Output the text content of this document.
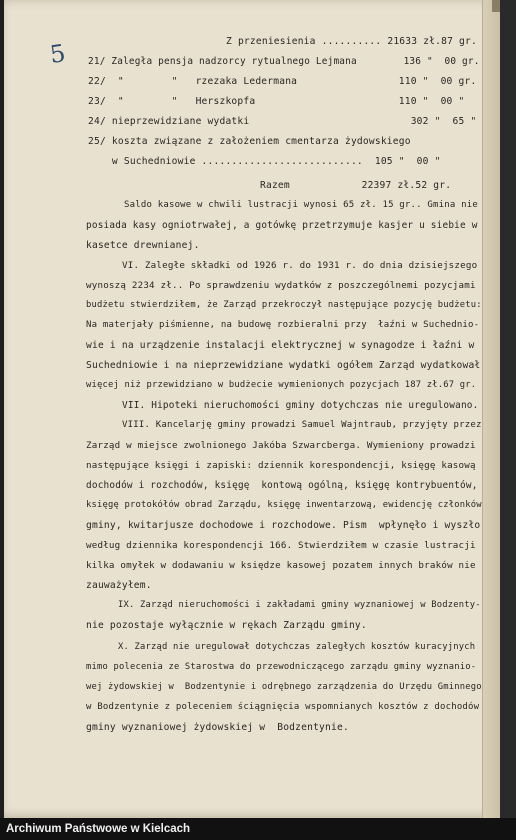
5	Z przeniesienia .......... 21633 zł.87 gr.
21/ Zaległa pensja nadzorcy rytualnego Lejmana        136 "  00 gr.
22/  "        "   rzezaka Ledermana                 110 "  00 gr.
23/  "        "   Herszkopfa                        110 "  00 "
24/ nieprzewidziane wydatki                           302 "  65 "
25/ koszta związane z założeniem cmentarza żydowskiego
w Suchedniowie ...........................  105 "  00 "
Razem            22397 zł.52 gr.
Saldo kasowe w chwili lustracji wynosi 65 zł. 15 gr.. Gmina nie
posiada kasy ogniotrwałej, a gotówkę przetrzymuje kasjer u siebie w
kasetce drewnianej.
VI. Zaległe składki od 1926 r. do 1931 r. do dnia dzisiejszego
wynoszą 2234 zł.. Po sprawdzeniu wydatków z poszczególnemi pozycjami
budżetu stwierdziłem, że Zarząd przekroczył następujące pozycję budżetu:
Na materjały piśmienne, na budowę rozbieralni przy  łaźni w Suchednio-
wie i na urządzenie instalacji elektrycznej w synagodze i łaźni w
Suchedniowie i na nieprzewidziane wydatki ogółem Zarząd wydatkował
więcej niż przewidziano w budżecie wymienionych pozycjach 187 zł.67 gr.
VII. Hipoteki nieruchomości gminy dotychczas nie uregulowano.
VIII. Kancelarję gminy prowadzi Samuel Wajntraub, przyjęty przez
Zarząd w miejsce zwolnionego Jakóba Szwarcberga. Wymieniony prowadzi
następujące księgi i zapiski: dziennik korespondencji, księgę kasową
dochodów i rozchodów, księgę  kontową ogólną, księgę kontrybuentów,
księgę protokółów obrad Zarządu, księgę inwentarzową, ewidencję członków
gminy, kwitarjusze dochodowe i rozchodowe. Pism  wpłynęło i wyszło
według dziennika korespondencji 166. Stwierdziłem w czasie lustracji
kilka omyłek w dodawaniu w księdze kasowej pozatem innych braków nie
zauważyłem.
IX. Zarząd nieruchomości i zakładami gminy wyznaniowej w Bodzenty-
nie pozostaje wyłącznie w rękach Zarządu gminy.
X. Zarząd nie uregulował dotychczas zaległych kosztów kuracyjnych
mimo polecenia ze Starostwa do przewodniczącego zarządu gminy wyznanio-
wej żydowskiej w  Bodzentynie i odrębnego zarządzenia do Urzędu Gminnego
w Bodzentynie z poleceniem ściągnięcia wspomnianych kosztów z dochodów
gminy wyznaniowej żydowskiej w  Bodzentynie.
Archiwum Państwowe w Kielcach
